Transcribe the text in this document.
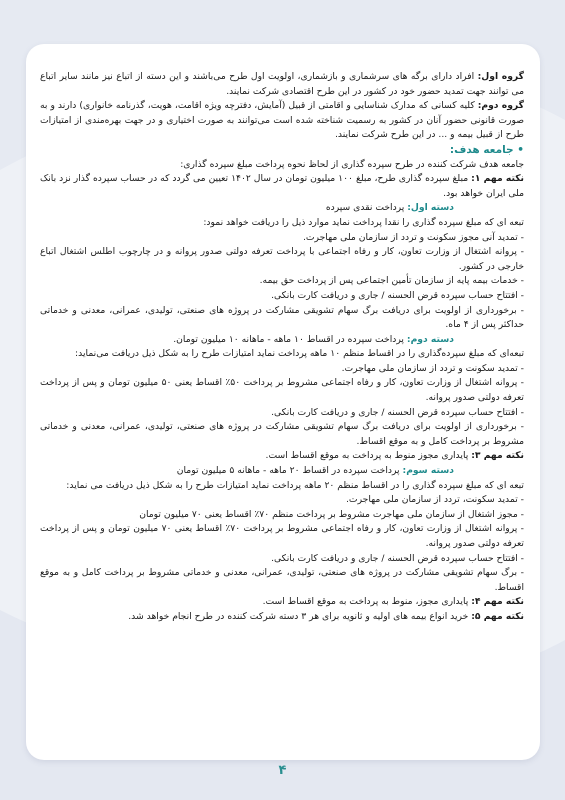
گروه اول: افراد دارای برگه های سرشماری و بازشماری، اولویت اول طرح می‌باشند و این دسته از اتباع نیز مانند سایر اتباع می توانند جهت تمدید حضور خود در کشور در این طرح اقتصادی شرکت نمایند.

گروه دوم: کلیه کسانی که مدارک شناسایی و اقامتی از قبیل (آمایش، دفترچه ویژه اقامت، هویت، گذرنامه خانواری) دارند و به صورت قانونی حضور آنان در کشور به رسمیت شناخته شده است می‌توانند به صورت اختیاری و در جهت بهره‌مندی از امتیازات طرح از قبیل بیمه و ... در این طرح شرکت نمایند.

• جامعه هدف:

جامعه هدف شرکت کننده در طرح سپرده گذاری از لحاظ نحوه پرداخت مبلغ سپرده گذاری:

نکته مهم ۱: مبلغ سپرده گذاری طرح، مبلغ ۱۰۰ میلیون تومان در سال ۱۴۰۲ تعیین می گردد که در حساب سپرده گذار نزد بانک ملی ایران خواهد بود.

دسته اول: پرداخت نقدی سپرده

تبعه ای که مبلغ سپرده گذاری را نقدا پرداخت نماید موارد ذیل را دریافت خواهد نمود:

- تمدید آنی مجوز سکونت و تردد از سازمان ملی مهاجرت.

- پروانه اشتغال از وزارت تعاون، کار و رفاه اجتماعی با پرداخت تعرفه دولتی صدور پروانه و در چارچوب اطلس اشتغال اتباع خارجی در کشور.

- خدمات بیمه پایه از سازمان تأمین اجتماعی پس از پرداخت حق بیمه.

- افتتاح حساب سپرده قرض الحسنه / جاری و دریافت کارت بانکی.

- برخورداری از اولویت برای دریافت برگ سهام تشویقی مشارکت در پروژه های صنعتی، تولیدی، عمرانی، معدنی و خدماتی حداکثر پس از ۴ ماه.

دسته دوم: پرداخت سپرده در اقساط ۱۰ ماهه - ماهانه ۱۰ میلیون تومان.

تبعه‌ای که مبلغ سپرده‌گذاری را در اقساط منظم ۱۰ ماهه پرداخت نماید امتیازات طرح را به شکل ذیل دریافت می‌نماید:

- تمدید سکونت و تردد از سازمان ملی مهاجرت.

- پروانه اشتغال از وزارت تعاون، کار و رفاه اجتماعی مشروط بر پرداخت ۵۰٪ اقساط یعنی ۵۰ میلیون تومان و پس از پرداخت تعرفه دولتی صدور پروانه.

- افتتاح حساب سپرده قرض الحسنه / جاری و دریافت کارت بانکی.

- برخورداری از اولویت برای دریافت برگ سهام تشویقی مشارکت در پروژه های صنعتی، تولیدی، عمرانی، معدنی و خدماتی مشروط بر پرداخت کامل و به موقع اقساط.

نکته مهم ۳: پایداری مجوز منوط به پرداخت به موقع اقساط است.

دسته سوم: پرداخت سپرده در اقساط ۲۰ ماهه - ماهانه ۵ میلیون تومان

تبعه ای که مبلغ سپرده گذاری را در اقساط منظم ۲۰ ماهه پرداخت نماید امتیازات طرح را به شکل ذیل دریافت می نماید:

- تمدید سکونت، تردد از سازمان ملی مهاجرت.

- مجوز اشتغال از سازمان ملی مهاجرت مشروط بر پرداخت منظم ۷۰٪ اقساط یعنی ۷۰ میلیون تومان

- پروانه اشتغال از وزارت تعاون، کار و رفاه اجتماعی مشروط بر پرداخت ۷۰٪ اقساط یعنی ۷۰ میلیون تومان و پس از پرداخت تعرفه دولتی صدور پروانه.

- افتتاح حساب سپرده قرض الحسنه / جاری و دریافت کارت بانکی.

- برگ سهام تشویقی مشارکت در پروژه های صنعتی، تولیدی، عمرانی، معدنی و خدماتی مشروط بر پرداخت کامل و به موقع اقساط.

نکته مهم ۴: پایداری مجوز، منوط به پرداخت به موقع اقساط است.

نکته مهم ۵: خرید انواع بیمه های اولیه و ثانویه برای هر ۳ دسته شرکت کننده در طرح انجام خواهد شد.

۴
